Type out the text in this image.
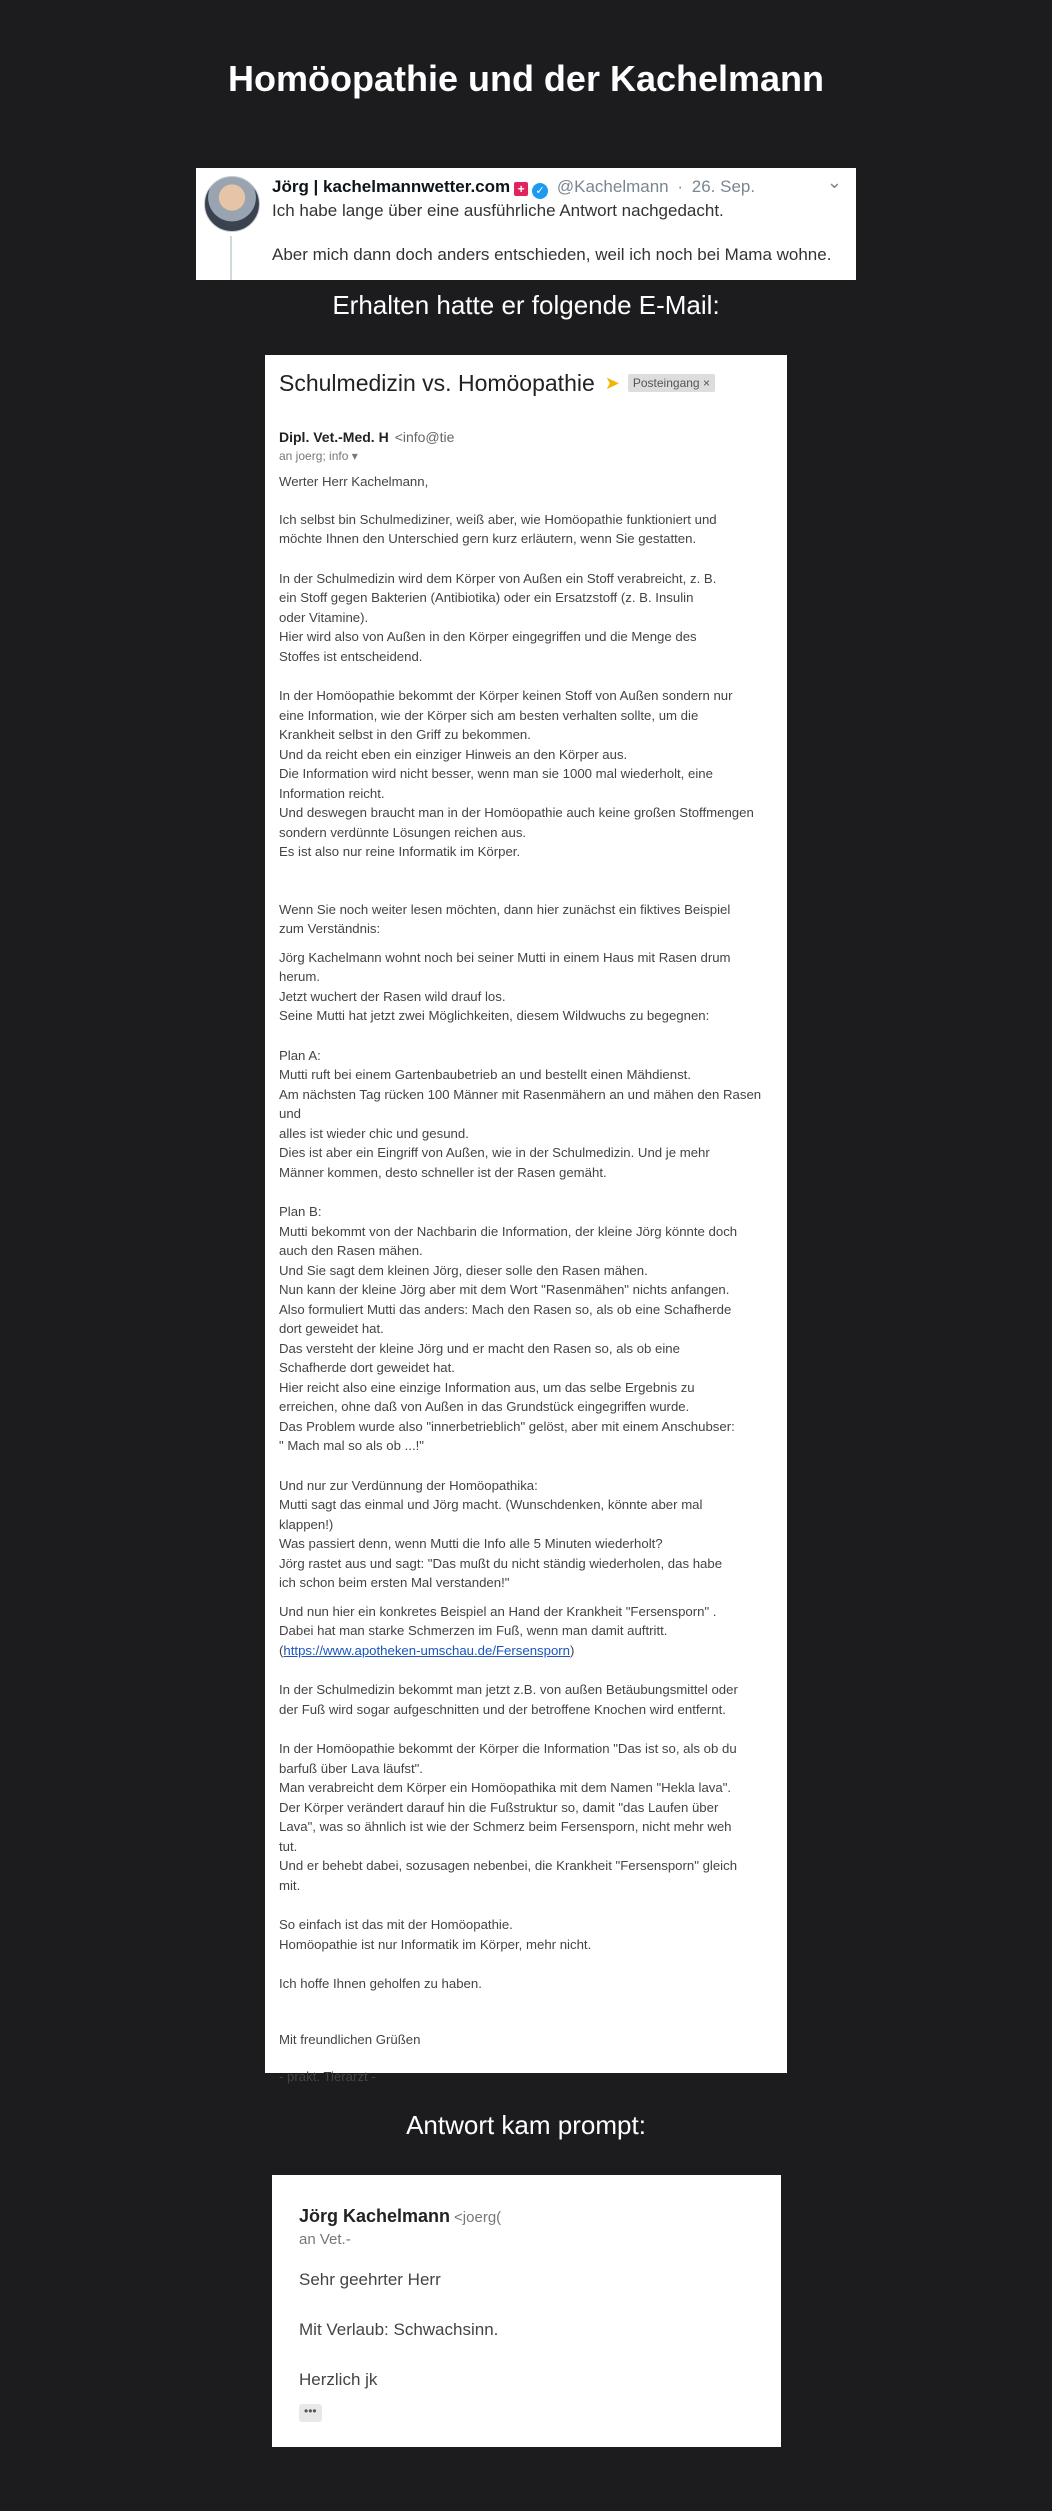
Homöopathie und der Kachelmann
Jörg | kachelmannwetter.com + ✓ @Kachelmann · 26. Sep.	⌄
Ich habe lange über eine ausführliche Antwort nachgedacht.
Aber mich dann doch anders entschieden, weil ich noch bei Mama wohne.
Erhalten hatte er folgende E-Mail:
Schulmedizin vs. Homöopathie ➤ Posteingang ×
Dipl. Vet.-Med. H <info@tie
an joerg; info ▾

Werter Herr Kachelmann,

Ich selbst bin Schulmediziner, weiß aber, wie Homöopathie funktioniert und
möchte Ihnen den Unterschied gern kurz erläutern, wenn Sie gestatten.

In der Schulmedizin wird dem Körper von Außen ein Stoff verabreicht, z. B.
ein Stoff gegen Bakterien (Antibiotika) oder ein Ersatzstoff (z. B. Insulin
oder Vitamine).
Hier wird also von Außen in den Körper eingegriffen und die Menge des
Stoffes ist entscheidend.

In der Homöopathie bekommt der Körper keinen Stoff von Außen sondern nur
eine Information, wie der Körper sich am besten verhalten sollte, um die
Krankheit selbst in den Griff zu bekommen.
Und da reicht eben ein einziger Hinweis an den Körper aus.
Die Information wird nicht besser, wenn man sie 1000 mal wiederholt, eine
Information reicht.
Und deswegen braucht man in der Homöopathie auch keine großen Stoffmengen
sondern verdünnte Lösungen reichen aus.
Es ist also nur reine Informatik im Körper.

Wenn Sie noch weiter lesen möchten, dann hier zunächst ein fiktives Beispiel
zum Verständnis:

Jörg Kachelmann wohnt noch bei seiner Mutti in einem Haus mit Rasen drum
herum.
Jetzt wuchert der Rasen wild drauf los.
Seine Mutti hat jetzt zwei Möglichkeiten, diesem Wildwuchs zu begegnen:

Plan A:
Mutti ruft bei einem Gartenbaubetrieb an und bestellt einen Mähdienst.
Am nächsten Tag rücken 100 Männer mit Rasenmähern an und mähen den Rasen und
alles ist wieder chic und gesund.
Dies ist aber ein Eingriff von Außen, wie in der Schulmedizin. Und je mehr
Männer kommen, desto schneller ist der Rasen gemäht.

Plan B:
Mutti bekommt von der Nachbarin die Information, der kleine Jörg könnte doch
auch den Rasen mähen.
Und Sie sagt dem kleinen Jörg, dieser solle den Rasen mähen.
Nun kann der kleine Jörg aber mit dem Wort "Rasenmähen" nichts anfangen.
Also formuliert Mutti das anders: Mach den Rasen so, als ob eine Schafherde
dort geweidet hat.
Das versteht der kleine Jörg und er macht den Rasen so, als ob eine
Schafherde dort geweidet hat.
Hier reicht also eine einzige Information aus, um das selbe Ergebnis zu
erreichen, ohne daß von Außen in das Grundstück eingegriffen wurde.
Das Problem wurde also "innerbetrieblich" gelöst, aber mit einem Anschubser:
" Mach mal so als ob ...!"

Und nur zur Verdünnung der Homöopathika:
Mutti sagt das einmal und Jörg macht. (Wunschdenken, könnte aber mal
klappen!)
Was passiert denn, wenn Mutti die Info alle 5 Minuten wiederholt?
Jörg rastet aus und sagt: "Das mußt du nicht ständig wiederholen, das habe
ich schon beim ersten Mal verstanden!"

Und nun hier ein konkretes Beispiel an Hand der Krankheit "Fersensporn" .
Dabei hat man starke Schmerzen im Fuß, wenn man damit auftritt.

(https://www.apotheken-umschau.de/Fersensporn)

In der Schulmedizin bekommt man jetzt z.B. von außen Betäubungsmittel oder
der Fuß wird sogar aufgeschnitten und der betroffene Knochen wird entfernt.

In der Homöopathie bekommt der Körper die Information "Das ist so, als ob du
barfuß über Lava läufst".
Man verabreicht dem Körper ein Homöopathika mit dem Namen "Hekla lava".
Der Körper verändert darauf hin die Fußstruktur so, damit "das Laufen über
Lava", was so ähnlich ist wie der Schmerz beim Fersensporn, nicht mehr weh
tut.
Und er behebt dabei, sozusagen nebenbei, die Krankheit "Fersensporn" gleich
mit.

So einfach ist das mit der Homöopathie.
Homöopathie ist nur Informatik im Körper, mehr nicht.

Ich hoffe Ihnen geholfen zu haben.

Mit freundlichen Grüßen

- prakt. Tierarzt -

Antwort kam prompt:
Jörg Kachelmann <joerg(
an Vet.-
Sehr geehrter Herr
Mit Verlaub: Schwachsinn.
Herzlich jk
•••
